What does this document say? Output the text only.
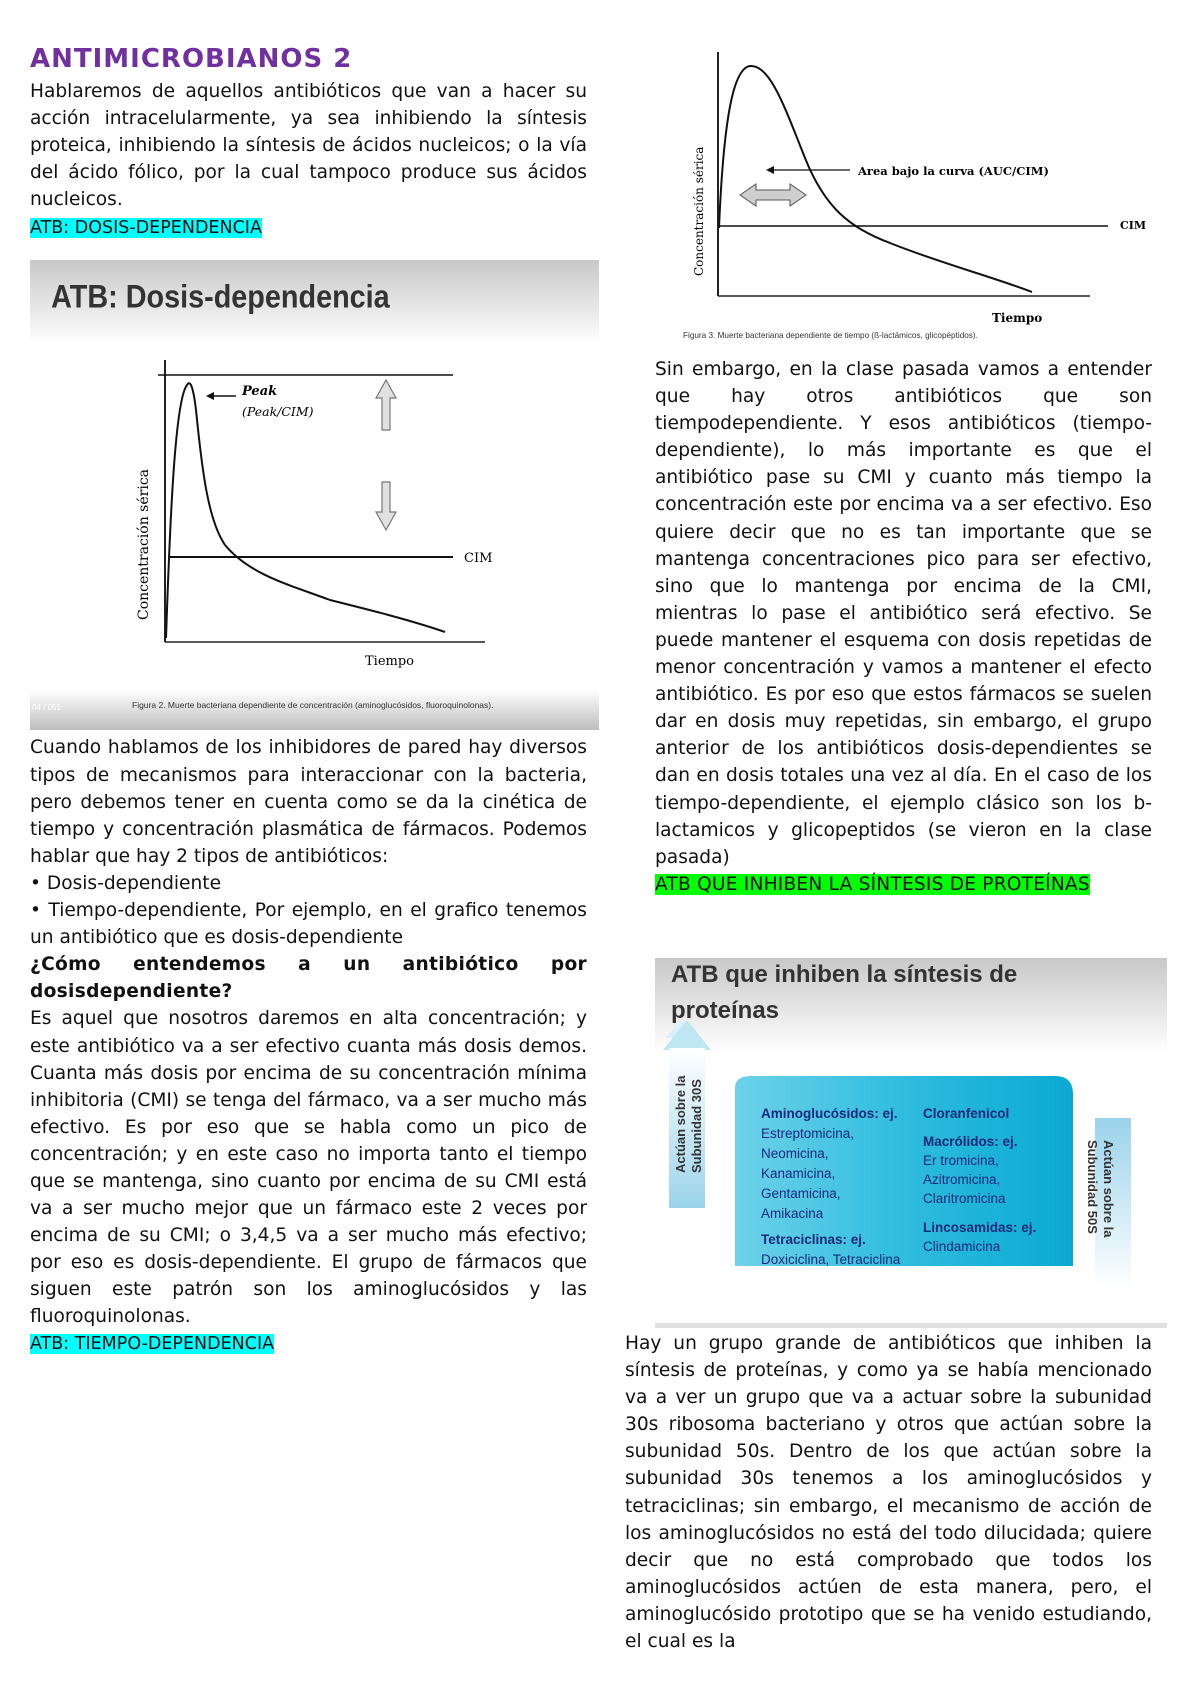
ANTIMICROBIANOS 2

Hablaremos de aquellos antibióticos que van a hacer su acción intracelularmente, ya sea inhibiendo la síntesis proteica, inhibiendo la síntesis de ácidos nucleicos; o la vía del ácido fólico, por la cual tampoco produce sus ácidos nucleicos.

ATB: DOSIS-DEPENDENCIA
ATB: Dosis-dependencia
Peak
(Peak/CIM)
CIM
Concentración sérica
Tiempo
Figura 2. Muerte bacteriana dependiente de concentración (aminoglucósidos, fluoroquinolonas).
04 / 051

Cuando hablamos de los inhibidores de pared hay diversos tipos de mecanismos para interaccionar con la bacteria, pero debemos tener en cuenta como se da la cinética de tiempo y concentración plasmática de fármacos. Podemos hablar que hay 2 tipos de antibióticos:

• Dosis-dependiente

• Tiempo-dependiente, Por ejemplo, en el grafico tenemos un antibiótico que es dosis-dependiente

¿Cómo entendemos a un antibiótico por dosisdependiente?

Es aquel que nosotros daremos en alta concentración; y este antibiótico va a ser efectivo cuanta más dosis demos. Cuanta más dosis por encima de su concentración mínima inhibitoria (CMI) se tenga del fármaco, va a ser mucho más efectivo. Es por eso que se habla como un pico de concentración; y en este caso no importa tanto el tiempo que se mantenga, sino cuanto por encima de su CMI está va a ser mucho mejor que un fármaco este 2 veces por encima de su CMI; o 3,4,5 va a ser mucho más efectivo; por eso es dosis-dependiente. El grupo de fármacos que siguen este patrón son los aminoglucósidos y las fluoroquinolonas.

ATB: TIEMPO-DEPENDENCIA
Area bajo la curva (AUC/CIM)
CIM
Concentración sérica
Tiempo
Figura 3. Muerte bacteriana dependiente de tiempo (ß-lactámicos, glicopéptidos).

Sin embargo, en la clase pasada vamos a entender que hay otros antibióticos que son tiempodependiente. Y esos antibióticos (tiempo-dependiente), lo más importante es que el antibiótico pase su CMI y cuanto más tiempo la concentración este por encima va a ser efectivo. Eso quiere decir que no es tan importante que se mantenga concentraciones pico para ser efectivo, sino que lo mantenga por encima de la CMI, mientras lo pase el antibiótico será efectivo. Se puede mantener el esquema con dosis repetidas de menor concentración y vamos a mantener el efecto antibiótico. Es por eso que estos fármacos se suelen dar en dosis muy repetidas, sin embargo, el grupo anterior de los antibióticos dosis-dependientes se dan en dosis totales una vez al día. En el caso de los tiempo-dependiente, el ejemplo clásico son los b-lactamicos y glicopeptidos (se vieron en la clase pasada)

ATB QUE INHIBEN LA SÍNTESIS DE PROTEÍNAS

ATB que inhiben la síntesis de
proteínas
Actúan sobre la Subunidad 30S
Actúan sobre la
Subunidad 50S
Aminoglucósidos: ej.
Estreptomicina,
Neomicina,
Kanamicina,
Gentamicina,
Amikacina
Tetraciclinas: ej.
Doxiciclina, Tetraciclina
Cloranfenicol
Macrólidos: ej.
Er tromicina,
Azitromicina,
Claritromicina
Lincosamidas: ej.
Clindamicina

Hay un grupo grande de antibióticos que inhiben la síntesis de proteínas, y como ya se había mencionado va a ver un grupo que va a actuar sobre la subunidad 30s ribosoma bacteriano y otros que actúan sobre la subunidad 50s. Dentro de los que actúan sobre la subunidad 30s tenemos a los aminoglucósidos y tetraciclinas; sin embargo, el mecanismo de acción de los aminoglucósidos no está del todo dilucidada; quiere decir que no está comprobado que todos los aminoglucósidos actúen de esta manera, pero, el aminoglucósido prototipo que se ha venido estudiando, el cual es la
